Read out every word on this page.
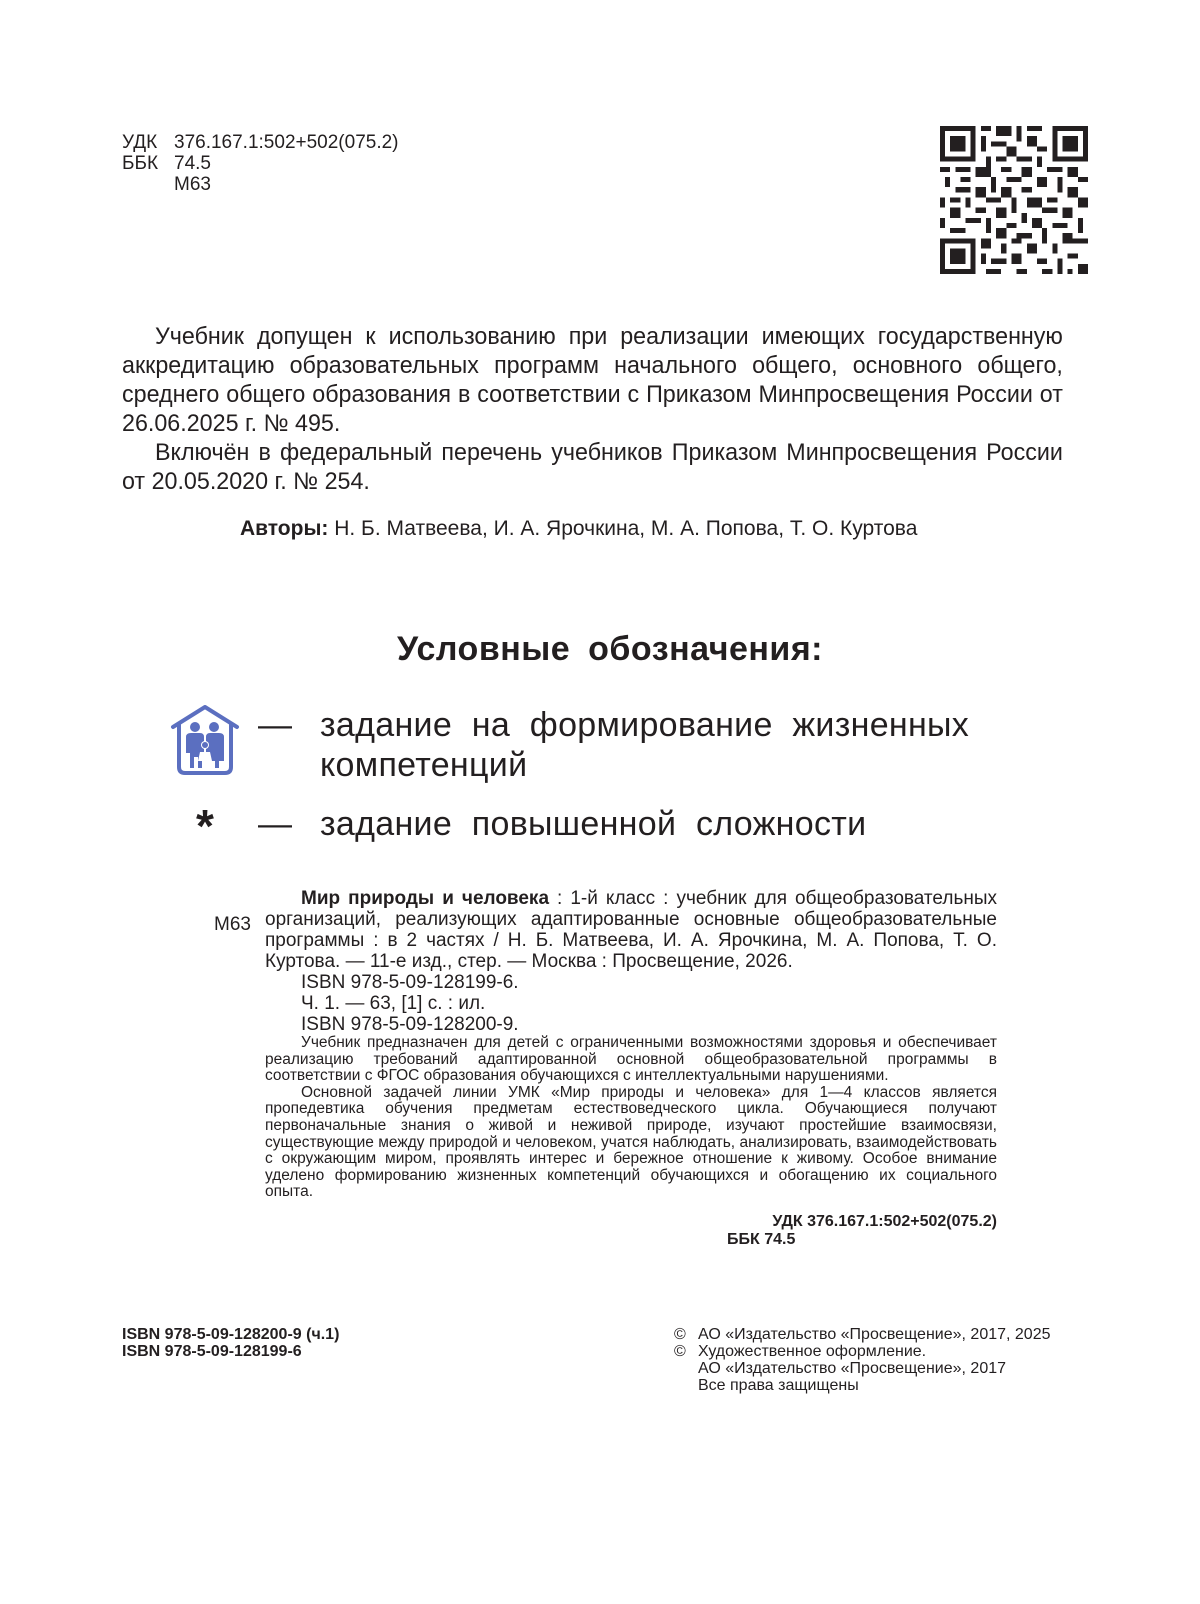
УДК 376.167.1:502+502(075.2)
ББК 74.5
М63

Учебник допущен к использованию при реализации имеющих государственную аккредитацию образовательных программ начального общего, основного общего, среднего общего образования в соответствии с Приказом Минпросвещения России от 26.06.2025 г. № 495.

Включён в федеральный перечень учебников Приказом Минпросвещения России от 20.05.2020 г. № 254.

Авторы: Н. Б. Матвеева, И. А. Ярочкина, М. А. Попова, Т. О. Куртова
Условные обозначения:
— задание на формирование жизненных компетенций
* — задание повышенной сложности
М63

Мир природы и человека : 1-й класс : учебник для общеобразовательных организаций, реализующих адаптированные основные общеобразовательные программы : в 2 частях / Н. Б. Матвеева, И. А. Ярочкина, М. А. Попова, Т. О. Куртова. — 11-е изд., стер. — Москва : Просвещение, 2026.

ISBN 978-5-09-128199-6.

Ч. 1. — 63, [1] с. : ил.

ISBN 978-5-09-128200-9.

Учебник предназначен для детей с ограниченными возможностями здоровья и обеспечивает реализацию требований адаптированной основной общеобразовательной программы в соответствии с ФГОС образования обучающихся с интеллектуальными нарушениями.

Основной задачей линии УМК «Мир природы и человека» для 1—4 классов является пропедевтика обучения предметам естествоведческого цикла. Обучающиеся получают первоначальные знания о живой и неживой природе, изучают простейшие взаимосвязи, существующие между природой и человеком, учатся наблюдать, анализировать, взаимодействовать с окружающим миром, проявлять интерес и бережное отношение к живому. Особое внимание уделено формированию жизненных компетенций обучающихся и обогащению их социального опыта.

УДК 376.167.1:502+502(075.2)
ББК 74.5
ISBN 978-5-09-128200-9 (ч.1)
ISBN 978-5-09-128199-6
© АО «Издательство «Просвещение», 2017, 2025
© Художественное оформление.
АО «Издательство «Просвещение», 2017
Все права защищены
